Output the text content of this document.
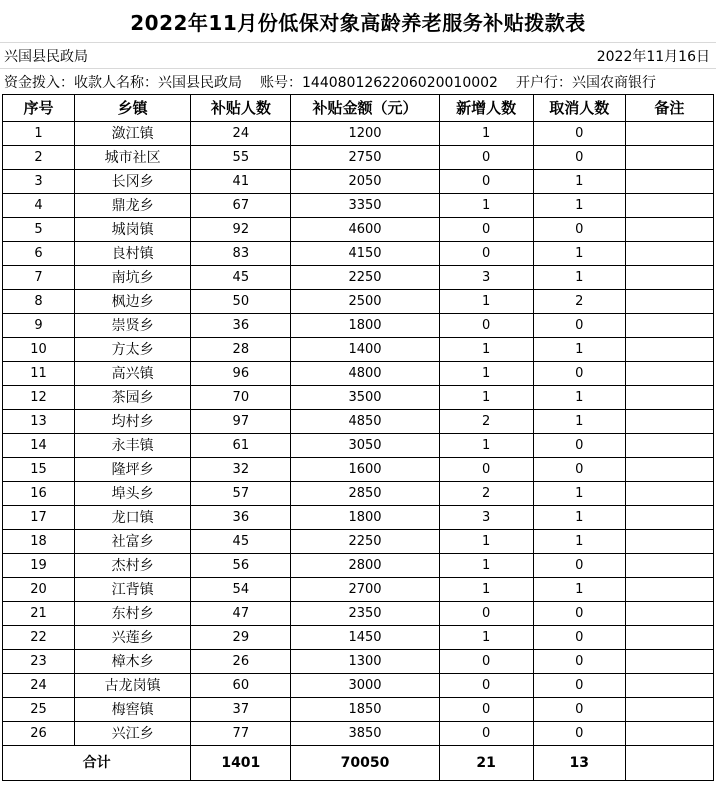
2022年11月份低保对象高龄养老服务补贴拨款表
兴国县民政局	2022年11月16日
资金拨入：收款人名称：兴国县民政局 账号：1440801262206020010002 开户行：兴国农商银行
序号	乡镇	补贴人数	补贴金额（元）	新增人数	取消人数	备注
1	潋江镇	24	1200	1	0	
2	城市社区	55	2750	0	0	
3	长冈乡	41	2050	0	1	
4	鼎龙乡	67	3350	1	1	
5	城岗镇	92	4600	0	0	
6	良村镇	83	4150	0	1	
7	南坑乡	45	2250	3	1	
8	枫边乡	50	2500	1	2	
9	崇贤乡	36	1800	0	0	
10	方太乡	28	1400	1	1	
11	高兴镇	96	4800	1	0	
12	茶园乡	70	3500	1	1	
13	均村乡	97	4850	2	1	
14	永丰镇	61	3050	1	0	
15	隆坪乡	32	1600	0	0	
16	埠头乡	57	2850	2	1	
17	龙口镇	36	1800	3	1	
18	社富乡	45	2250	1	1	
19	杰村乡	56	2800	1	0	
20	江背镇	54	2700	1	1	
21	东村乡	47	2350	0	0	
22	兴莲乡	29	1450	1	0	
23	樟木乡	26	1300	0	0	
24	古龙岗镇	60	3000	0	0	
25	梅窖镇	37	1850	0	0	
26	兴江乡	77	3850	0	0	
合计		1401	70050	21	13	
